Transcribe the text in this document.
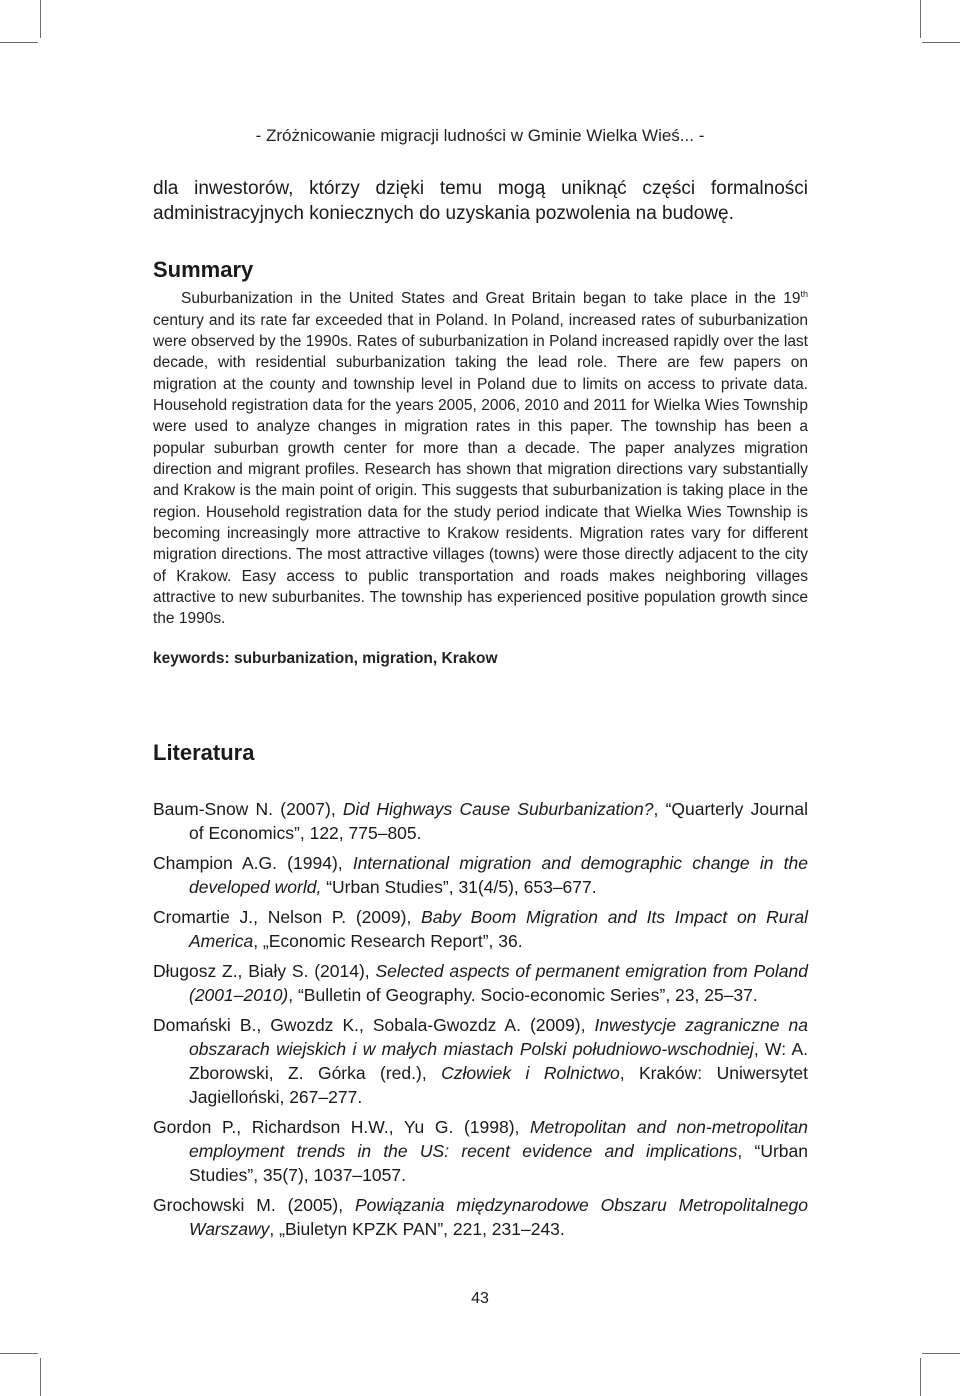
- Zróżnicowanie migracji ludności w Gminie Wielka Wieś... -
dla inwestorów, którzy dzięki temu mogą uniknąć części formalności administracyjnych koniecznych do uzyskania pozwolenia na budowę.
Summary

Suburbanization in the United States and Great Britain began to take place in the 19th century and its rate far exceeded that in Poland. In Poland, increased rates of suburbanization were observed by the 1990s. Rates of suburbanization in Poland increased rapidly over the last decade, with residential suburbanization taking the lead role. There are few papers on migration at the county and township level in Poland due to limits on access to private data. Household registration data for the years 2005, 2006, 2010 and 2011 for Wielka Wies Township were used to analyze changes in migration rates in this paper. The township has been a popular suburban growth center for more than a decade. The paper analyzes migration direction and migrant profiles. Research has shown that migration directions vary substantially and Krakow is the main point of origin. This suggests that suburbanization is taking place in the region. Household registration data for the study period indicate that Wielka Wies Township is becoming increasingly more attractive to Krakow residents. Migration rates vary for different migration directions. The most attractive villages (towns) were those directly adjacent to the city of Krakow. Easy access to public transportation and roads makes neighboring villages attractive to new suburbanites. The township has experienced positive population growth since the 1990s.

keywords: suburbanization, migration, Krakow
Literatura

Baum-Snow N. (2007), Did Highways Cause Suburbanization?, “Quarterly Journal of Economics”, 122, 775–805.

Champion A.G. (1994), International migration and demographic change in the developed world, “Urban Studies”, 31(4/5), 653–677.

Cromartie J., Nelson P. (2009), Baby Boom Migration and Its Impact on Rural America, „Economic Research Report”, 36.

Długosz Z., Biały S. (2014), Selected aspects of permanent emigration from Poland (2001–2010), “Bulletin of Geography. Socio-economic Series”, 23, 25–37.

Domański B., Gwozdz K., Sobala-Gwozdz A. (2009), Inwestycje zagraniczne na obszarach wiejskich i w małych miastach Polski południowo-wschodniej, W: A. Zborowski, Z. Górka (red.), Człowiek i Rolnictwo, Kraków: Uniwersytet Jagielloński, 267–277.

Gordon P., Richardson H.W., Yu G. (1998), Metropolitan and non-metropolitan employment trends in the US: recent evidence and implications, “Urban Studies”, 35(7), 1037–1057.

Grochowski M. (2005), Powiązania międzynarodowe Obszaru Metropolitalnego Warszawy, „Biuletyn KPZK PAN”, 221, 231–243.

43
